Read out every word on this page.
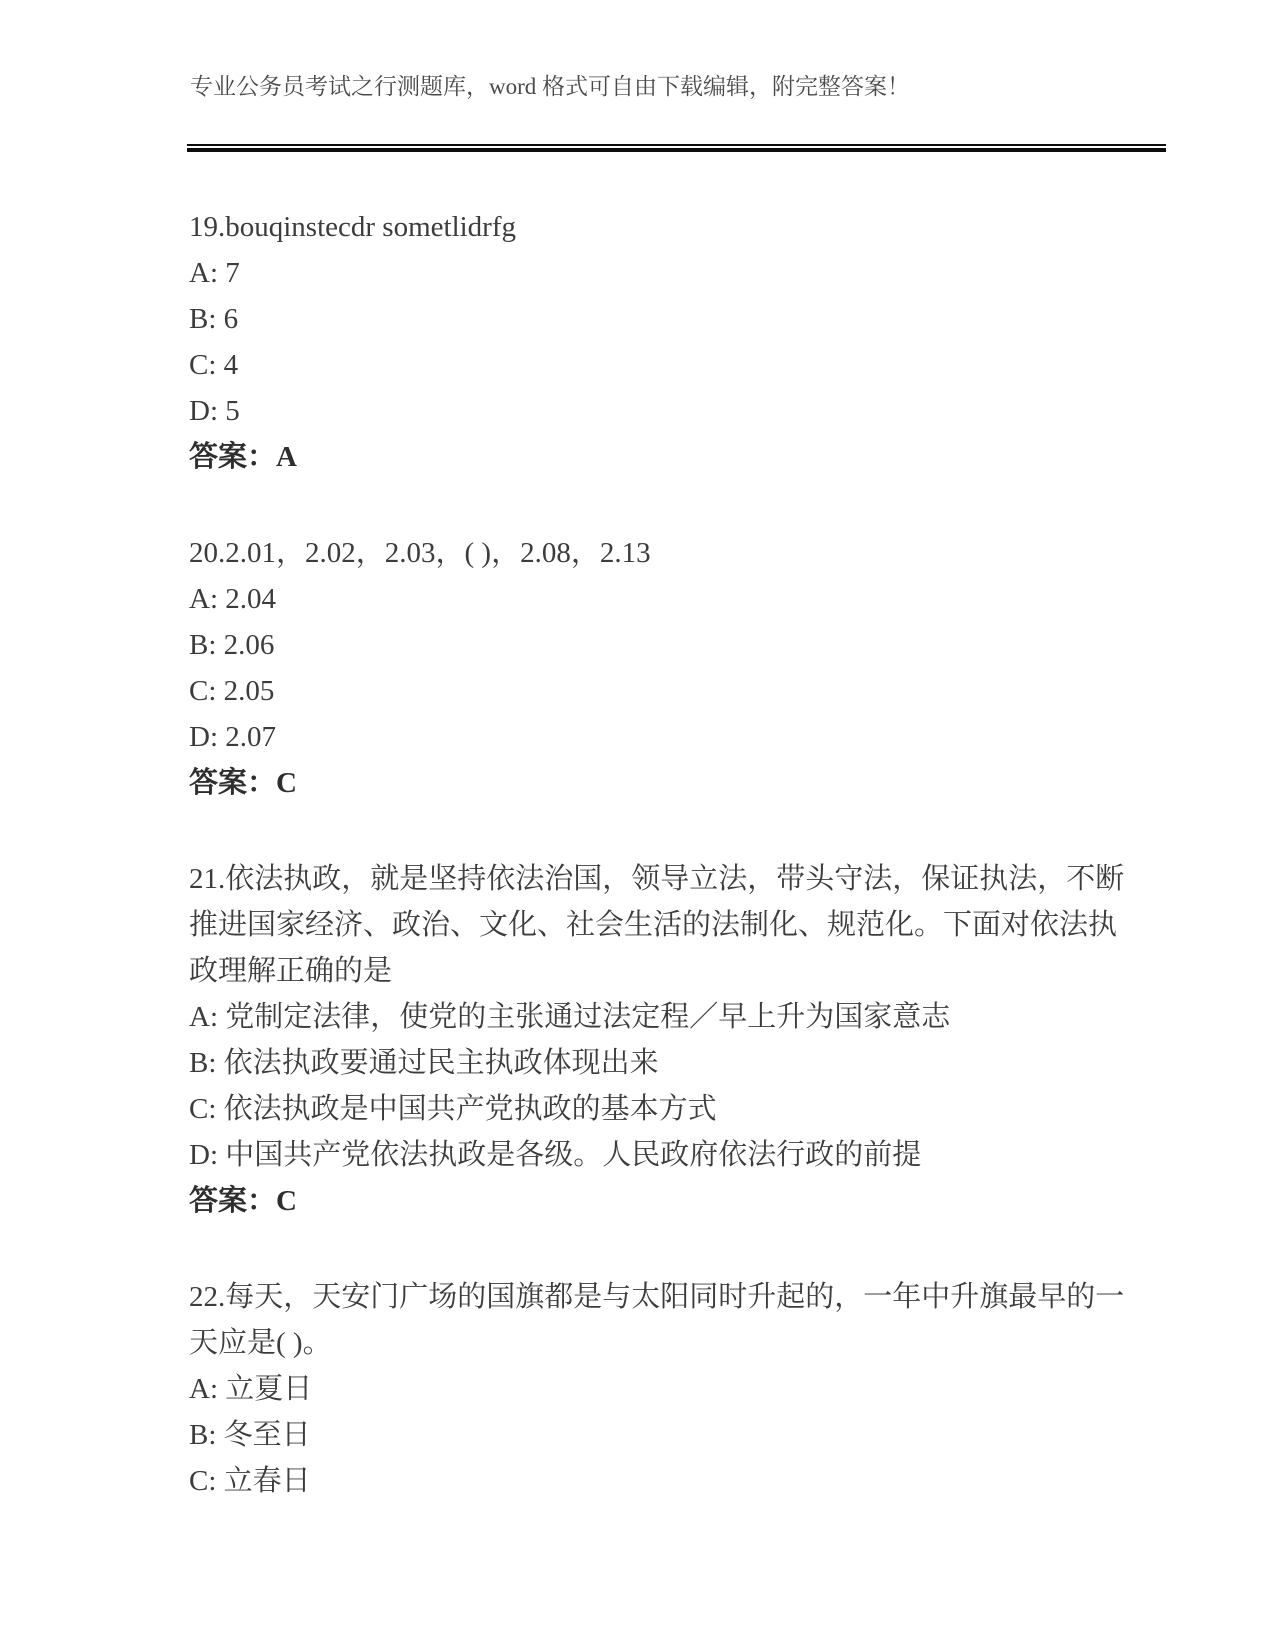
专业公务员考试之行测题库，word 格式可自由下载编辑，附完整答案！

19.bouqinstecdr sometlidrfg

A: 7

B: 6

C: 4

D: 5

答案：A

20.2.01，2.02，2.03，( )，2.08，2.13

A: 2.04

B: 2.06

C: 2.05

D: 2.07

答案：C

21.依法执政，就是坚持依法治国，领导立法，带头守法，保证执法，不断推进国家经济、政治、文化、社会生活的法制化、规范化。下面对依法执政理解正确的是

A: 党制定法律，使党的主张通过法定程／早上升为国家意志

B: 依法执政要通过民主执政体现出来

C: 依法执政是中国共产党执政的基本方式

D: 中国共产党依法执政是各级。人民政府依法行政的前提

答案：C

22.每天，天安门广场的国旗都是与太阳同时升起的，一年中升旗最早的一天应是( )。

A: 立夏日

B: 冬至日

C: 立春日
